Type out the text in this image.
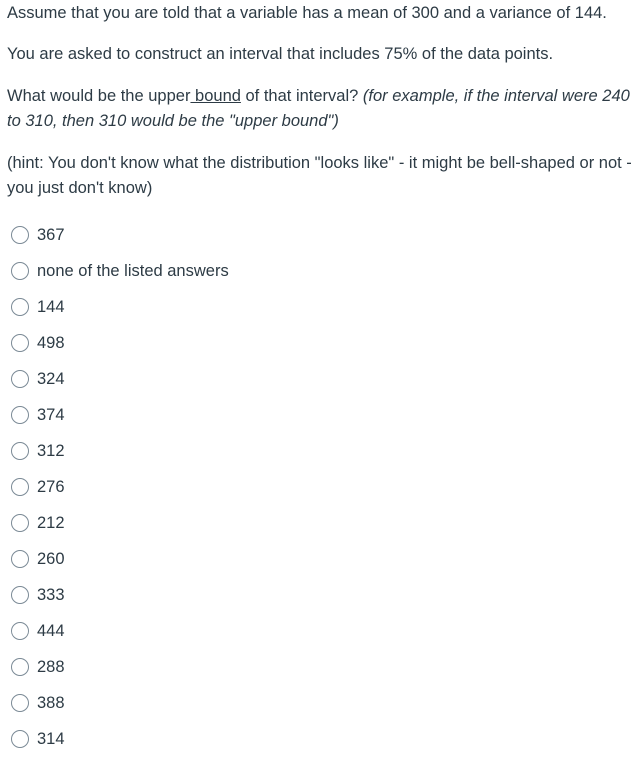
Assume that you are told that a variable has a mean of 300 and a variance of 144.

You are asked to construct an interval that includes 75% of the data points.

What would be the upper bound of that interval? (for example, if the interval were 240 to 310, then 310 would be the "upper bound")

(hint: You don't know what the distribution "looks like" - it might be bell-shaped or not - you just don't know)

367
none of the listed answers
144
498
324
374
312
276
212
260
333
444
288
388
314
